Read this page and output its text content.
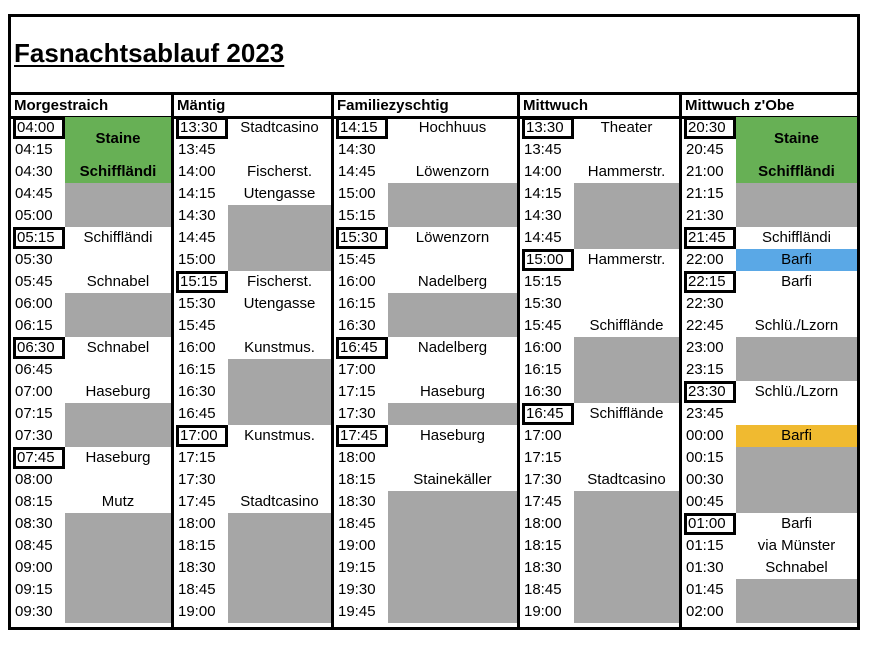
Fasnachtsablauf 2023
Morgestraich
04:00
04:15
04:30
04:45
05:00
05:15
05:30
05:45
06:00
06:15
06:30
06:45
07:00
07:15
07:30
07:45
08:00
08:15
08:30
08:45
09:00
09:15
09:30
Staine
Schiffländi
Schiffländi
Schnabel
Schnabel
Haseburg
Haseburg
Mutz
Mäntig
13:30
13:45
14:00
14:15
14:30
14:45
15:00
15:15
15:30
15:45
16:00
16:15
16:30
16:45
17:00
17:15
17:30
17:45
18:00
18:15
18:30
18:45
19:00
Stadtcasino
Fischerst.
Utengasse
Fischerst.
Utengasse
Kunstmus.
Kunstmus.
Stadtcasino
Familiezyschtig
14:15
14:30
14:45
15:00
15:15
15:30
15:45
16:00
16:15
16:30
16:45
17:00
17:15
17:30
17:45
18:00
18:15
18:30
18:45
19:00
19:15
19:30
19:45
Hochhuus
Löwenzorn
Löwenzorn
Nadelberg
Nadelberg
Haseburg
Haseburg
Stainekäller
Mittwuch
13:30
13:45
14:00
14:15
14:30
14:45
15:00
15:15
15:30
15:45
16:00
16:15
16:30
16:45
17:00
17:15
17:30
17:45
18:00
18:15
18:30
18:45
19:00
Theater
Hammerstr.
Hammerstr.
Schifflände
Schifflände
Stadtcasino
Mittwuch z'Obe
20:30
20:45
21:00
21:15
21:30
21:45
22:00
22:15
22:30
22:45
23:00
23:15
23:30
23:45
00:00
00:15
00:30
00:45
01:00
01:15
01:30
01:45
02:00
Staine
Schiffländi
Schiffländi
Barfi
Barfi
Schlü./Lzorn
Schlü./Lzorn
Barfi
Barfi
via Münster
Schnabel
